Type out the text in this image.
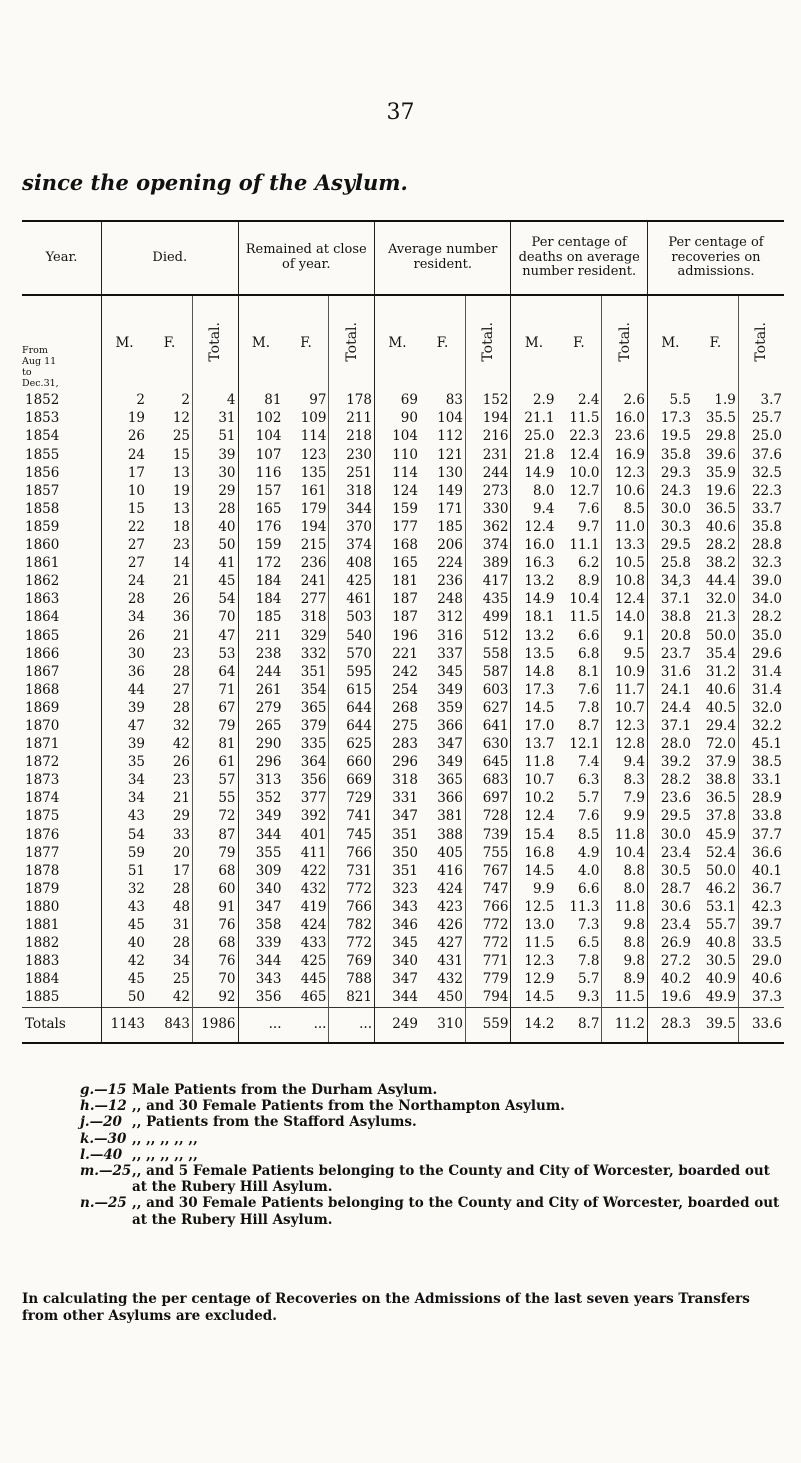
37
since the opening of the Asylum.
Year.	Died.			Remained at close of year.			Average number resident.			Per centage of deaths on average number resident.			Per centage of recoveries on admissions.		

From
Aug 11
to
Dec.31,	M.	F.	Total.	M.	F.	Total.	M.	F.	Total.	M.	F.	Total.	M.	F.	Total.
1852	2	2	4	81	97	178	69	83	152	2.9	2.4	2.6	5.5	1.9	3.7
1853	19	12	31	102	109	211	90	104	194	21.1	11.5	16.0	17.3	35.5	25.7
1854	26	25	51	104	114	218	104	112	216	25.0	22.3	23.6	19.5	29.8	25.0
1855	24	15	39	107	123	230	110	121	231	21.8	12.4	16.9	35.8	39.6	37.6
1856	17	13	30	116	135	251	114	130	244	14.9	10.0	12.3	29.3	35.9	32.5
1857	10	19	29	157	161	318	124	149	273	8.0	12.7	10.6	24.3	19.6	22.3
1858	15	13	28	165	179	344	159	171	330	9.4	7.6	8.5	30.0	36.5	33.7
1859	22	18	40	176	194	370	177	185	362	12.4	9.7	11.0	30.3	40.6	35.8
1860	27	23	50	159	215	374	168	206	374	16.0	11.1	13.3	29.5	28.2	28.8
1861	27	14	41	172	236	408	165	224	389	16.3	6.2	10.5	25.8	38.2	32.3
1862	24	21	45	184	241	425	181	236	417	13.2	8.9	10.8	34,3	44.4	39.0
1863	28	26	54	184	277	461	187	248	435	14.9	10.4	12.4	37.1	32.0	34.0
1864	34	36	70	185	318	503	187	312	499	18.1	11.5	14.0	38.8	21.3	28.2
1865	26	21	47	211	329	540	196	316	512	13.2	6.6	9.1	20.8	50.0	35.0
1866	30	23	53	238	332	570	221	337	558	13.5	6.8	9.5	23.7	35.4	29.6
1867	36	28	64	244	351	595	242	345	587	14.8	8.1	10.9	31.6	31.2	31.4
1868	44	27	71	261	354	615	254	349	603	17.3	7.6	11.7	24.1	40.6	31.4
1869	39	28	67	279	365	644	268	359	627	14.5	7.8	10.7	24.4	40.5	32.0
1870	47	32	79	265	379	644	275	366	641	17.0	8.7	12.3	37.1	29.4	32.2
1871	39	42	81	290	335	625	283	347	630	13.7	12.1	12.8	28.0	72.0	45.1
1872	35	26	61	296	364	660	296	349	645	11.8	7.4	9.4	39.2	37.9	38.5
1873	34	23	57	313	356	669	318	365	683	10.7	6.3	8.3	28.2	38.8	33.1
1874	34	21	55	352	377	729	331	366	697	10.2	5.7	7.9	23.6	36.5	28.9
1875	43	29	72	349	392	741	347	381	728	12.4	7.6	9.9	29.5	37.8	33.8
1876	54	33	87	344	401	745	351	388	739	15.4	8.5	11.8	30.0	45.9	37.7
1877	59	20	79	355	411	766	350	405	755	16.8	4.9	10.4	23.4	52.4	36.6
1878	51	17	68	309	422	731	351	416	767	14.5	4.0	8.8	30.5	50.0	40.1
1879	32	28	60	340	432	772	323	424	747	9.9	6.6	8.0	28.7	46.2	36.7
1880	43	48	91	347	419	766	343	423	766	12.5	11.3	11.8	30.6	53.1	42.3
1881	45	31	76	358	424	782	346	426	772	13.0	7.3	9.8	23.4	55.7	39.7
1882	40	28	68	339	433	772	345	427	772	11.5	6.5	8.8	26.9	40.8	33.5
1883	42	34	76	344	425	769	340	431	771	12.3	7.8	9.8	27.2	30.5	29.0
1884	45	25	70	343	445	788	347	432	779	12.9	5.7	8.9	40.2	40.9	40.6
1885	50	42	92	356	465	821	344	450	794	14.5	9.3	11.5	19.6	49.9	37.3
Totals	1143	843	1986	...	...	...	249	310	559	14.2	8.7	11.2	28.3	39.5	33.6
g.—15 Male Patients from the Durham Asylum.
h.—12 ,, and 30 Female Patients from the Northampton Asylum.
j.—20 ,, Patients from the Stafford Asylums.
k.—30 ,, ,, ,, ,, ,,
l.—40 ,, ,, ,, ,, ,,
m.—25 ,, and 5 Female Patients belonging to the County and City of Worcester, boarded out at the Rubery Hill Asylum.
n.—25 ,, and 30 Female Patients belonging to the County and City of Worcester, boarded out at the Rubery Hill Asylum.
In calculating the per centage of Recoveries on the Admissions of the last seven years Transfers from other Asylums are excluded.
